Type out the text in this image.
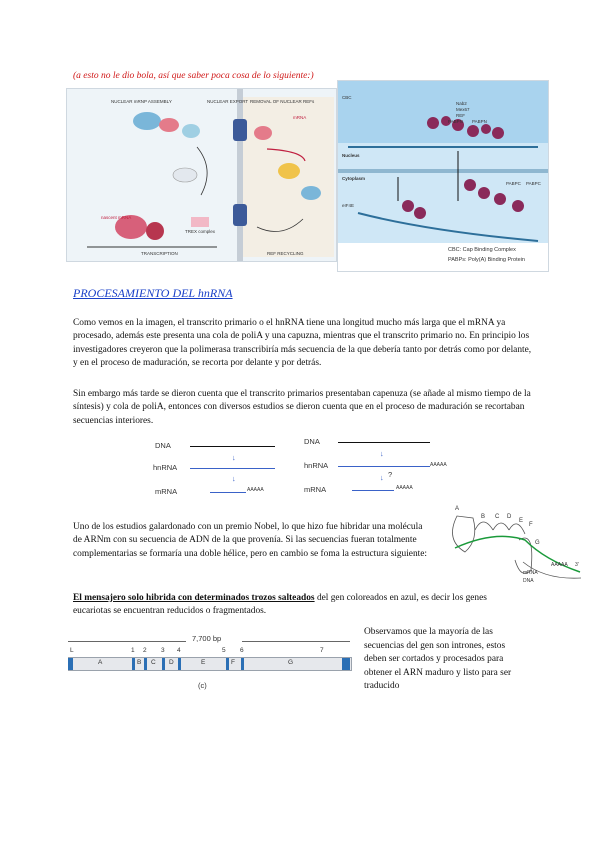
(a esto no le dio bola, así que saber poca cosa de lo siguiente:)
NUCLEAR mRNP ASSEMBLY	NUCLEAR EXPORT REMOVAL OF NUCLEAR REFs
mRNA
TREX complex
nascent mRNA
TRANSCRIPTION	REF RECYCLING
CBC
Nab2
Mex67
REF
PABPN PABPN
Nucleus
Cytoplasm
PABPC PABPC
eIF4E
CBC: Cap Binding Complex
PABPs: Poly(A) Binding Protein
PROCESAMIENTO DEL hnRNA

Como vemos en la imagen, el transcrito primario o el hnRNA tiene una longitud mucho más larga que el mRNA ya procesado, además este presenta una cola de poliA y una capuzna, mientras que el transcrito primario no. En principio los investigadores creyeron que la polimerasa transcribiría más secuencia de la que debería tanto por detrás como por delante, y en el proceso de maduración, se recorta por delante y por detrás.

Sin embargo más tarde se dieron cuenta que el transcrito primarios presentaban capenuza (se añade al mismo tiempo de la síntesis) y cola de poliA, entonces con diversos estudios se dieron cuenta que en el proceso de maduración se recortaban secuencias interiores.

DNA
↓
hnRNA
↓
mRNA	AAAAA
DNA
↓
hnRNA	AAAAA
↓ ?
mRNA	AAAAA

Uno de los estudios galardonado con un premio Nobel, lo que hizo fue hibridar una molécula de ARNm con su secuencia de ADN de la que provenía. Si las secuencias fueran totalmente complementarias se formaría una doble hélice, pero en cambio se foma la estructura siguiente:

A
B C D
E
F
G
AAAAA 3'
mRNA
DNA

El mensajero solo hibrida con determinados trozos salteados del gen coloreados en azul, es decir los genes eucariotas se encuentran reducidos o fragmentados.

7,700 bp
L	1 2 3 4	5 6	7
A	B C D	E	F	G
(c)

Observamos que la mayoría de las secuencias del gen son intrones, estos deben ser cortados y procesados para obtener el ARN maduro y listo para ser traducido
